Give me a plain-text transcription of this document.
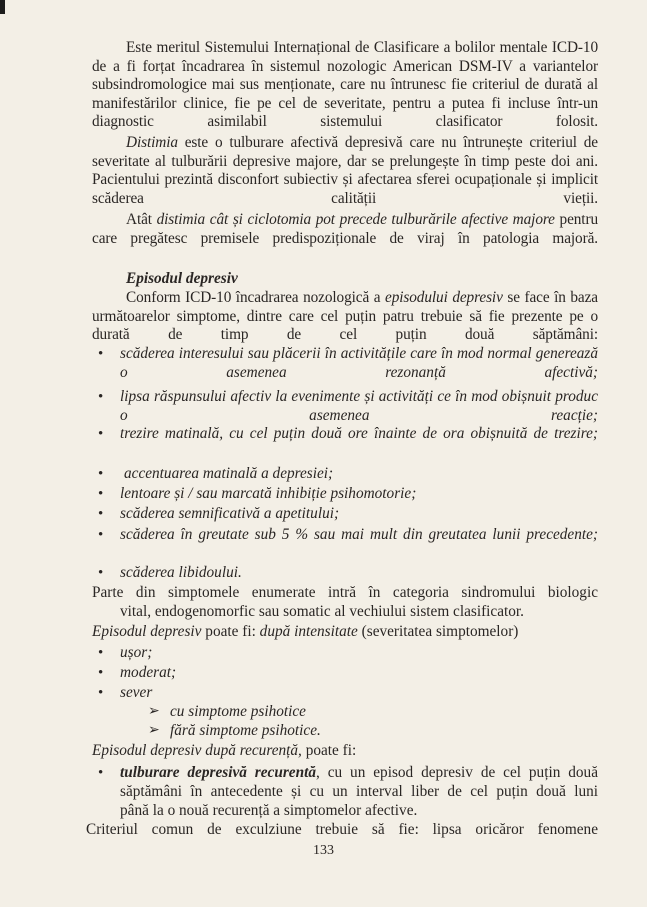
Este meritul Sistemului Internațional de Clasificare a bolilor mentale ICD-10 de a fi forțat încadrarea în sistemul nozologic American DSM-IV a variantelor subsindromologice mai sus menționate, care nu întrunesc fie criteriul de durată al manifestărilor clinice, fie pe cel de severitate, pentru a putea fi incluse într-un diagnostic asimilabil sistemului clasificator folosit.
Distimia este o tulburare afectivă depresivă care nu întrunește criteriul de severitate al tulburării depresive majore, dar se prelungește în timp peste doi ani. Pacientului prezintă disconfort subiectiv și afectarea sferei ocupaționale și implicit scăderea calității vieții.
Atât distimia cât și ciclotomia pot precede tulburările afective majore pentru care pregătesc premisele predispoziționale de viraj în patologia majoră.
Episodul depresiv
Conform ICD-10 încadrarea nozologică a episodului depresiv se face în baza următoarelor simptome, dintre care cel puțin patru trebuie să fie prezente pe o durată de timp de cel puțin două săptămâni:
• scăderea interesului sau plăcerii în activitățile care în mod normal generează o asemenea rezonanță afectivă;
• lipsa răspunsului afectiv la evenimente și activități ce în mod obișnuit produc o asemenea reacție;
• trezire matinală, cu cel puțin două ore înainte de ora obișnuită de trezire;
• accentuarea matinală a depresiei;
• lentoare și / sau marcată inhibiție psihomotorie;
• scăderea semnificativă a apetitului;
• scăderea în greutate sub 5 % sau mai mult din greutatea lunii precedente;
• scăderea libidoului.
Parte din simptomele enumerate intră în categoria sindromului biologic
vital, endogenomorfic sau somatic al vechiului sistem clasificator.
Episodul depresiv poate fi: după intensitate (severitatea simptomelor)
• ușor;
• moderat;
• sever
➢ cu simptome psihotice
➢ fără simptome psihotice.
Episodul depresiv după recurență, poate fi:
• tulburare depresivă recurentă, cu un episod depresiv de cel puțin două
săptămâni în antecedente și cu un interval liber de cel puțin două luni
până la o nouă recurență a simptomelor afective.
Criteriul comun de exculziune trebuie să fie: lipsa oricăror fenomene
133
